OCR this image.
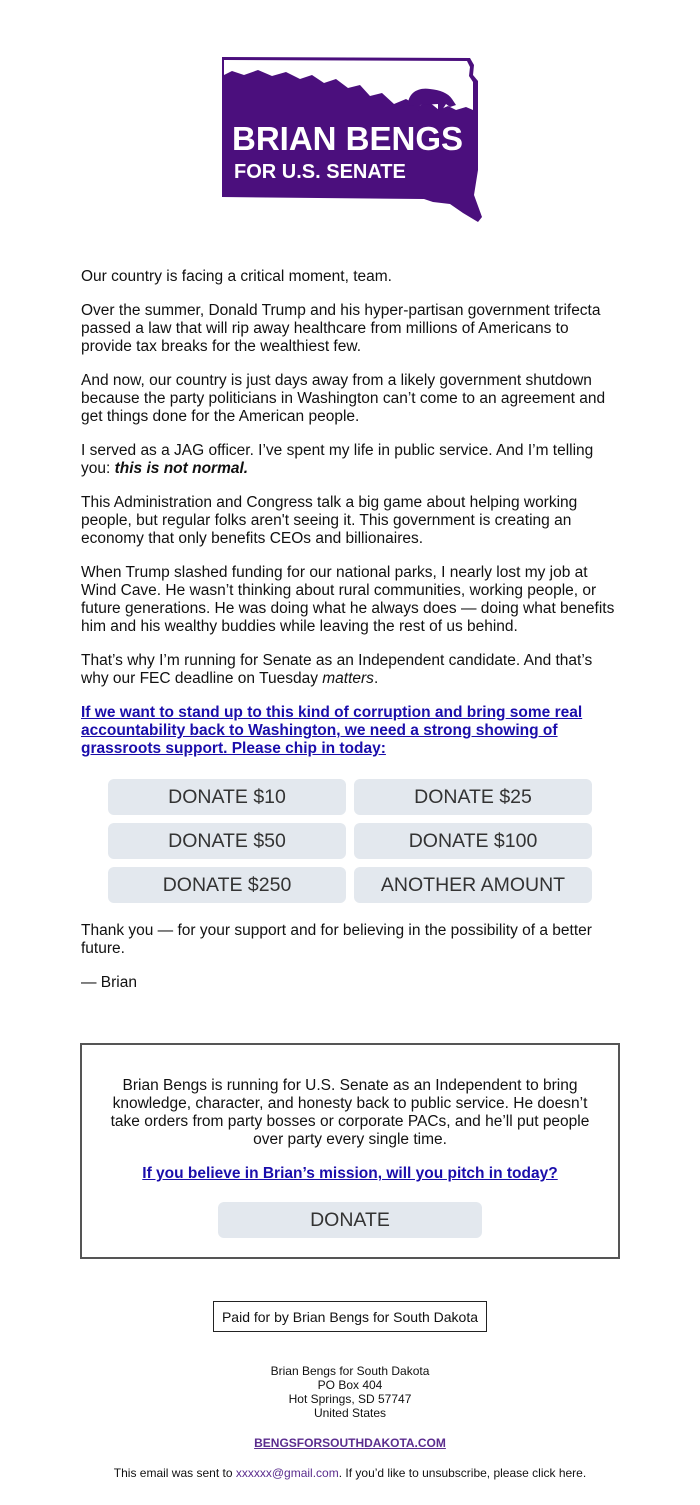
BRIAN BENGS
FOR U.S. SENATE

Our country is facing a critical moment, team.

Over the summer, Donald Trump and his hyper-partisan government trifecta passed a law that will rip away healthcare from millions of Americans to provide tax breaks for the wealthiest few.

And now, our country is just days away from a likely government shutdown because the party politicians in Washington can’t come to an agreement and get things done for the American people.

I served as a JAG officer. I’ve spent my life in public service. And I’m telling you: this is not normal.

This Administration and Congress talk a big game about helping working people, but regular folks aren't seeing it. This government is creating an economy that only benefits CEOs and billionaires.

When Trump slashed funding for our national parks, I nearly lost my job at Wind Cave. He wasn’t thinking about rural communities, working people, or future generations. He was doing what he always does — doing what benefits him and his wealthy buddies while leaving the rest of us behind.

That’s why I’m running for Senate as an Independent candidate. And that’s why our FEC deadline on Tuesday matters.

If we want to stand up to this kind of corruption and bring some real accountability back to Washington, we need a strong showing of grassroots support. Please chip in today:

DONATE $10	DONATE $25
DONATE $50	DONATE $100
DONATE $250	ANOTHER AMOUNT

Thank you — for your support and for believing in the possibility of a better future.

— Brian

Brian Bengs is running for U.S. Senate as an Independent to bring knowledge, character, and honesty back to public service. He doesn’t take orders from party bosses or corporate PACs, and he’ll put people over party every single time.
If you believe in Brian’s mission, will you pitch in today?
DONATE
Paid for by Brian Bengs for South Dakota
Brian Bengs for South Dakota
PO Box 404
Hot Springs, SD 57747
United States
BENGSFORSOUTHDAKOTA.COM
This email was sent to xxxxxx@gmail.com. If you’d like to unsubscribe, please click here.
